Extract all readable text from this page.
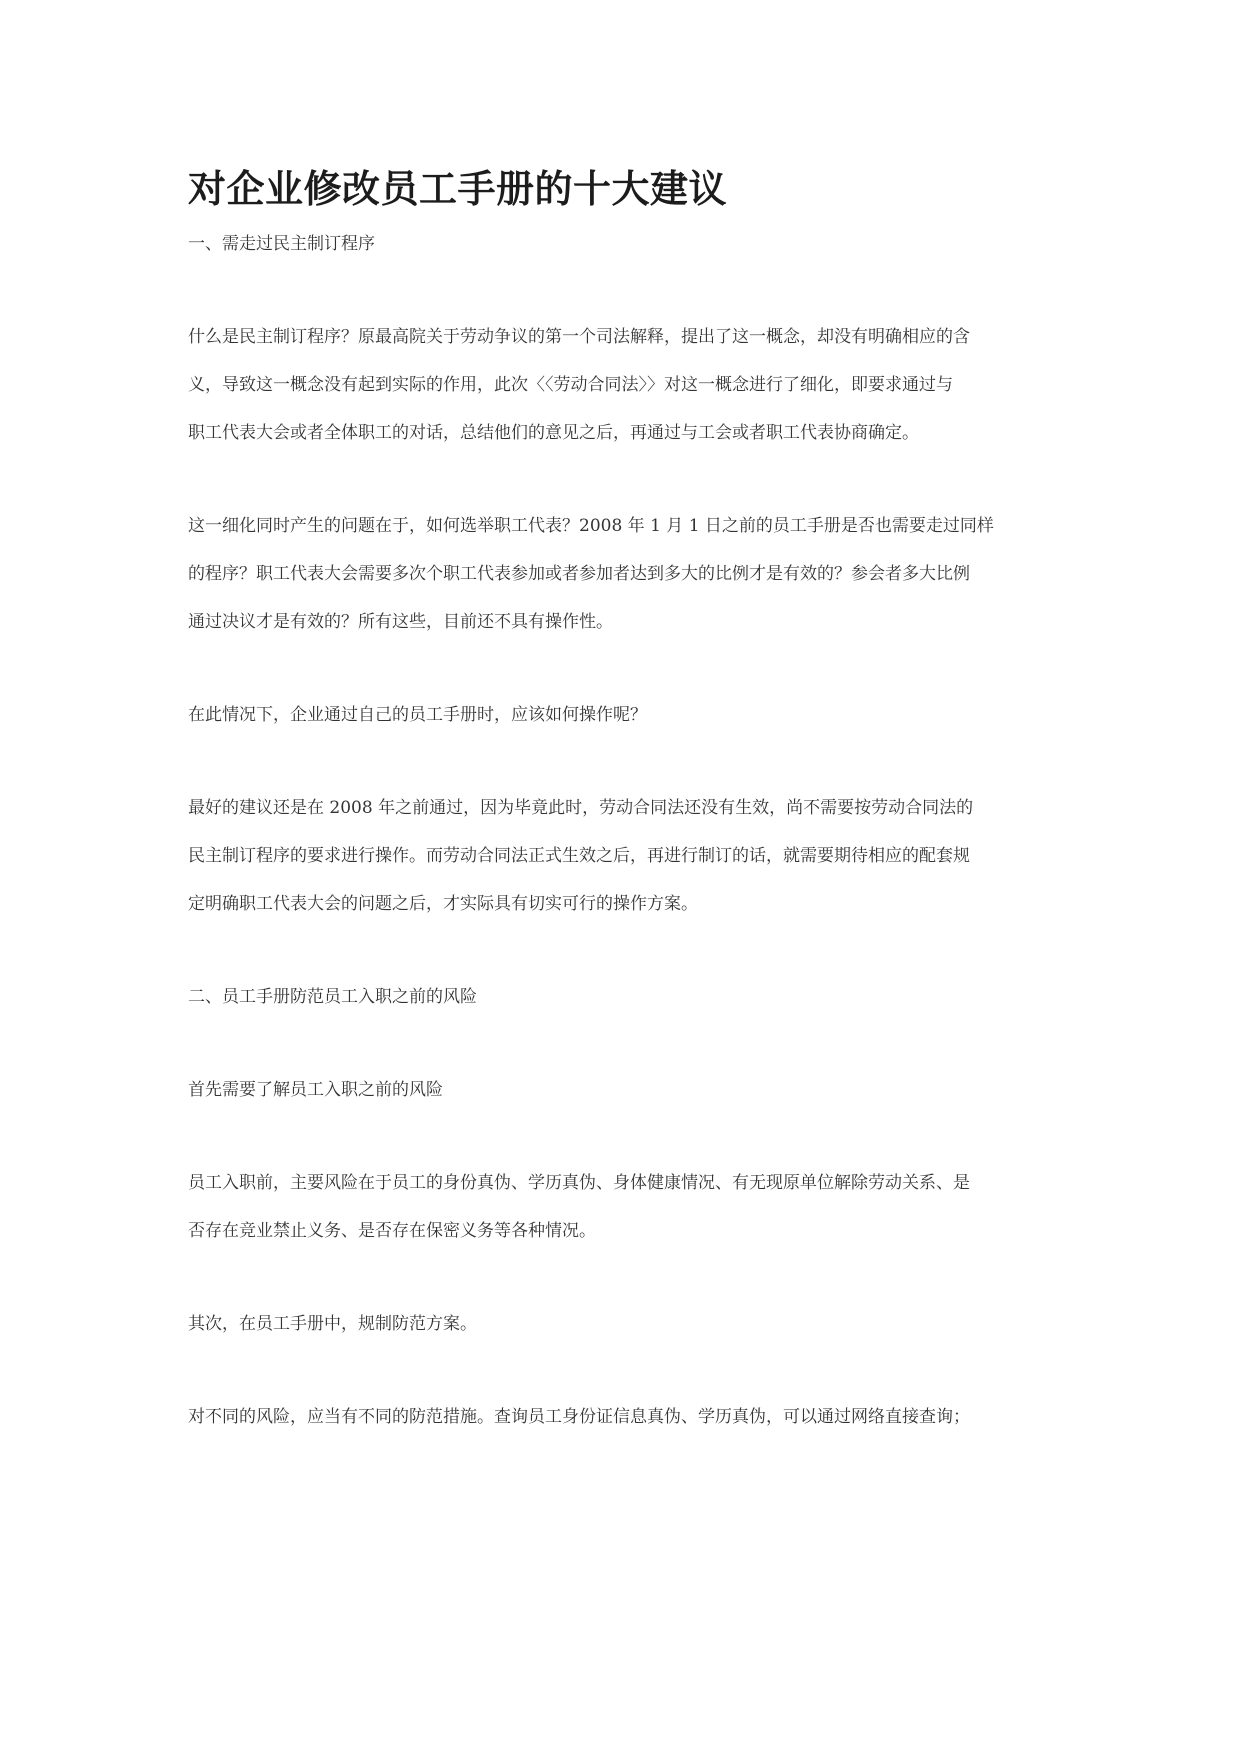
对企业修改员工手册的十大建议

一、需走过民主制订程序

什么是民主制订程序？原最高院关于劳动争议的第一个司法解释，提出了这一概念，却没有明确相应的含

义，导致这一概念没有起到实际的作用，此次〈〈劳动合同法〉〉对这一概念进行了细化，即要求通过与

职工代表大会或者全体职工的对话，总结他们的意见之后，再通过与工会或者职工代表协商确定。

这一细化同时产生的问题在于，如何选举职工代表？2008 年 1 月 1 日之前的员工手册是否也需要走过同样

的程序？职工代表大会需要多次个职工代表参加或者参加者达到多大的比例才是有效的？参会者多大比例

通过决议才是有效的？所有这些，目前还不具有操作性。

在此情况下，企业通过自己的员工手册时，应该如何操作呢？

最好的建议还是在 2008 年之前通过，因为毕竟此时，劳动合同法还没有生效，尚不需要按劳动合同法的

民主制订程序的要求进行操作。而劳动合同法正式生效之后，再进行制订的话，就需要期待相应的配套规

定明确职工代表大会的问题之后，才实际具有切实可行的操作方案。

二、员工手册防范员工入职之前的风险

首先需要了解员工入职之前的风险

员工入职前，主要风险在于员工的身份真伪、学历真伪、身体健康情况、有无现原单位解除劳动关系、是

否存在竞业禁止义务、是否存在保密义务等各种情况。

其次，在员工手册中，规制防范方案。

对不同的风险，应当有不同的防范措施。查询员工身份证信息真伪、学历真伪，可以通过网络直接查询；
